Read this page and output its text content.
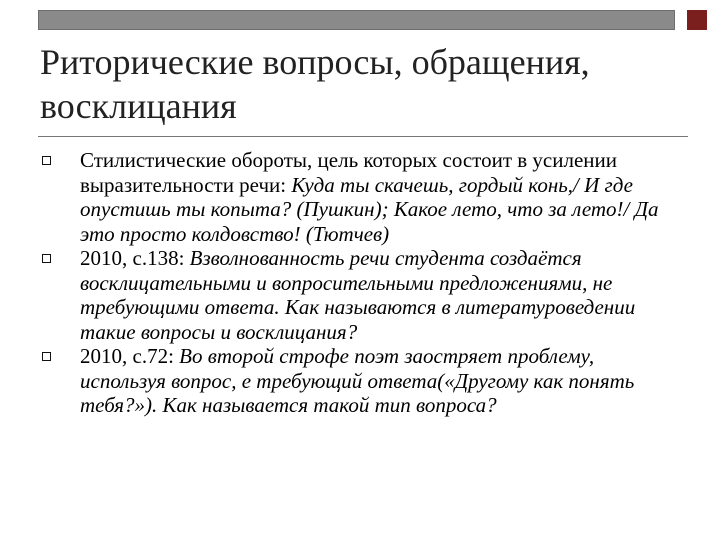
Риторические вопросы, обращения,
восклицания
Стилистические обороты, цель которых состоит в усилении выразительности речи: Куда ты скачешь, гордый конь,/ И где опустишь ты копыта? (Пушкин); Какое лето, что за лето!/ Да это просто колдовство! (Тютчев)
2010, с.138: Взволнованность речи студента создаётся восклицательными и вопросительными предложениями, не требующими ответа. Как называются в литературоведении такие вопросы и восклицания?
2010, с.72: Во второй строфе поэт заостряет проблему, используя вопрос, е требующий ответа(«Другому как понять тебя?»). Как называется такой тип вопроса?
